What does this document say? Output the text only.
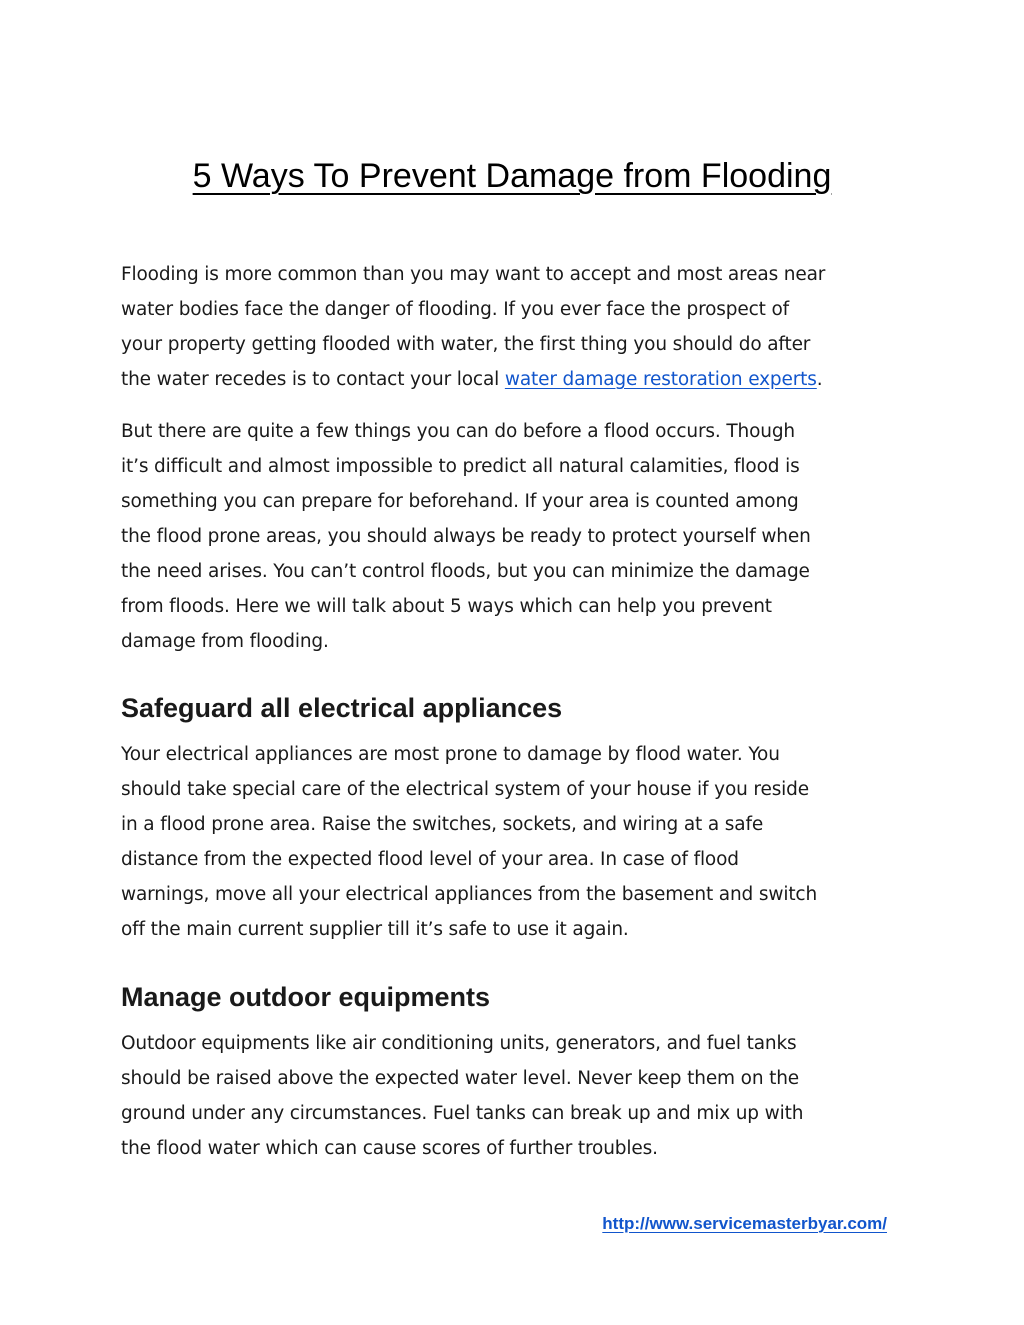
5 Ways To Prevent Damage from Flooding

Flooding is more common than you may want to accept and most areas near
water bodies face the danger of flooding. If you ever face the prospect of
your property getting flooded with water, the first thing you should do after
the water recedes is to contact your local water damage restoration experts.

But there are quite a few things you can do before a flood occurs. Though
it’s difficult and almost impossible to predict all natural calamities, flood is
something you can prepare for beforehand. If your area is counted among
the flood prone areas, you should always be ready to protect yourself when
the need arises. You can’t control floods, but you can minimize the damage
from floods. Here we will talk about 5 ways which can help you prevent
damage from flooding.

Safeguard all electrical appliances

Your electrical appliances are most prone to damage by flood water. You
should take special care of the electrical system of your house if you reside
in a flood prone area. Raise the switches, sockets, and wiring at a safe
distance from the expected flood level of your area. In case of flood
warnings, move all your electrical appliances from the basement and switch
off the main current supplier till it’s safe to use it again.

Manage outdoor equipments

Outdoor equipments like air conditioning units, generators, and fuel tanks
should be raised above the expected water level. Never keep them on the
ground under any circumstances. Fuel tanks can break up and mix up with
the flood water which can cause scores of further troubles.

http://www.servicemasterbyar.com/
